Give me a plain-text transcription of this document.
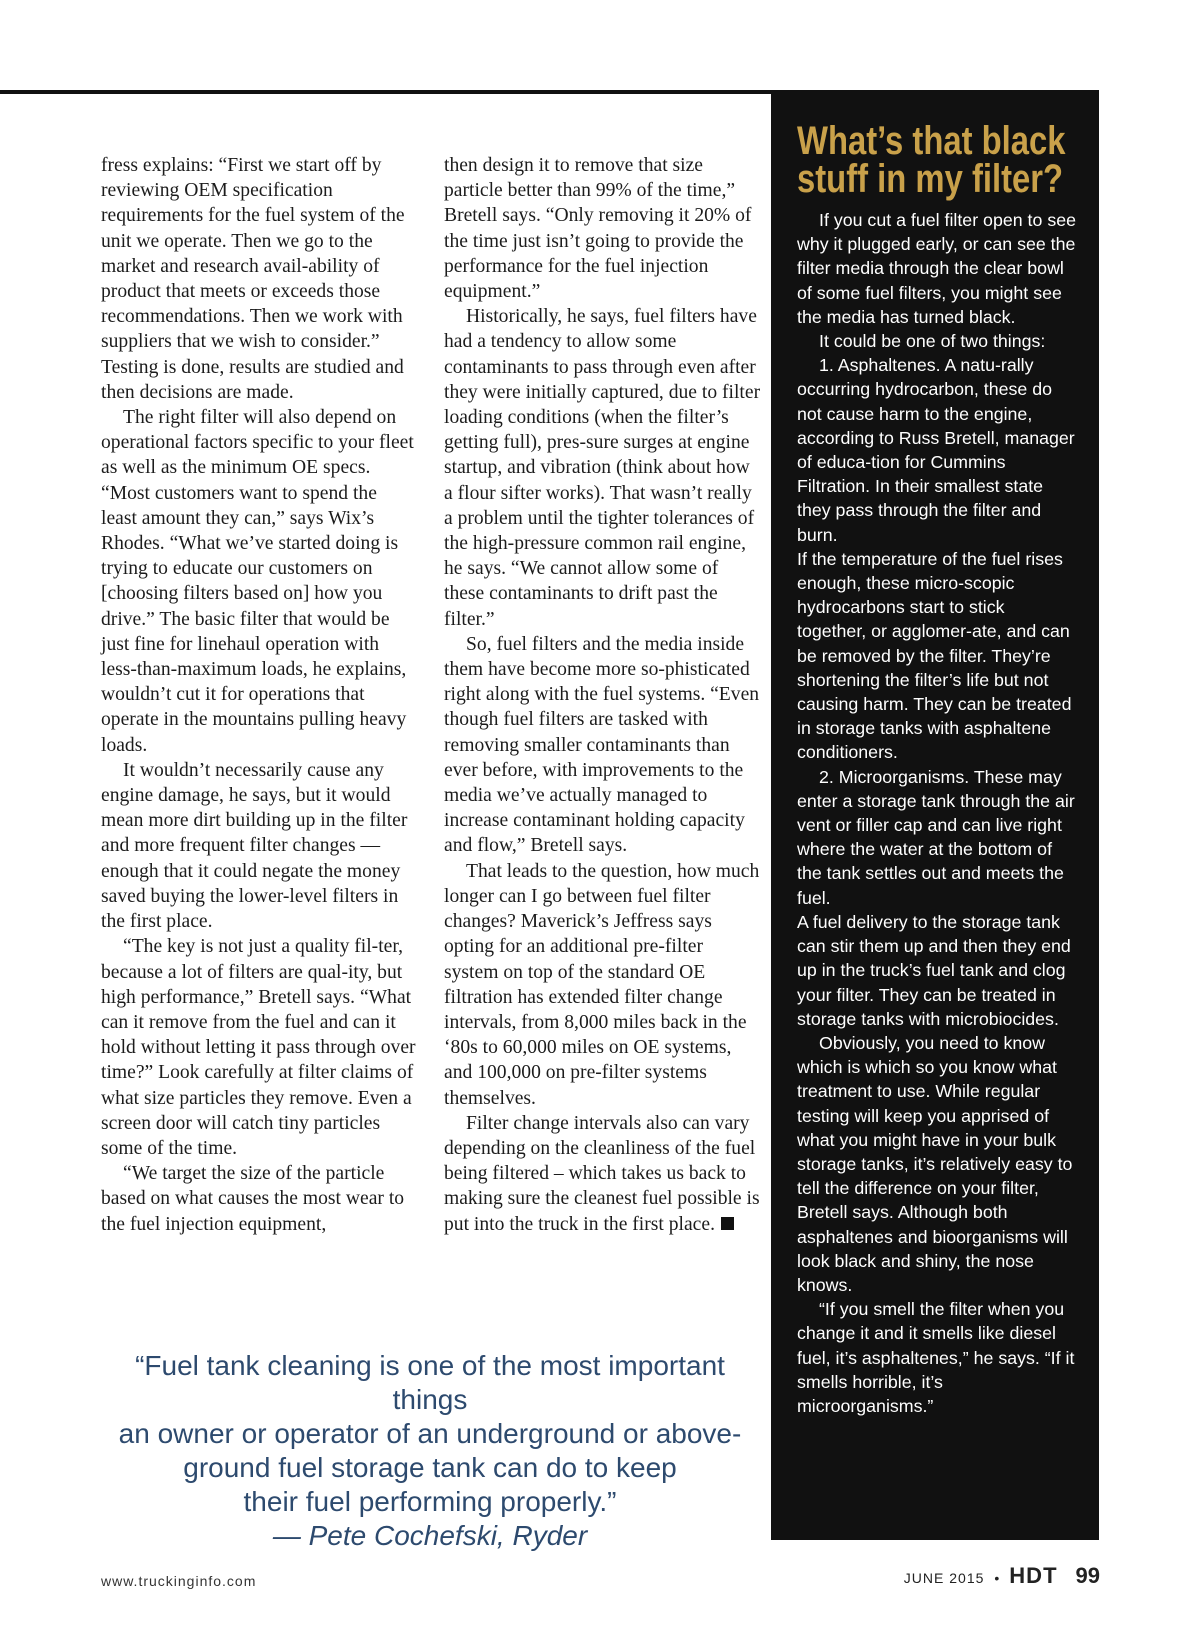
fress explains: “First we start off by reviewing OEM specification requirements for the fuel system of the unit we operate. Then we go to the market and research avail-ability of product that meets or exceeds those recommendations. Then we work with suppliers that we wish to consider.” Testing is done, results are studied and then decisions are made.

The right filter will also depend on operational factors specific to your fleet as well as the minimum OE specs. “Most customers want to spend the least amount they can,” says Wix’s Rhodes. “What we’ve started doing is trying to educate our customers on [choosing filters based on] how you drive.” The basic filter that would be just fine for linehaul operation with less-than-maximum loads, he explains, wouldn’t cut it for operations that operate in the mountains pulling heavy loads.

It wouldn’t necessarily cause any engine damage, he says, but it would mean more dirt building up in the filter and more frequent filter changes — enough that it could negate the money saved buying the lower-level filters in the first place.

“The key is not just a quality fil-ter, because a lot of filters are qual-ity, but high performance,” Bretell says. “What can it remove from the fuel and can it hold without letting it pass through over time?” Look carefully at filter claims of what size particles they remove. Even a screen door will catch tiny particles some of the time.

“We target the size of the particle based on what causes the most wear to the fuel injection equipment,

then design it to remove that size particle better than 99% of the time,” Bretell says. “Only removing it 20% of the time just isn’t going to provide the performance for the fuel injection equipment.”

Historically, he says, fuel filters have had a tendency to allow some contaminants to pass through even after they were initially captured, due to filter loading conditions (when the filter’s getting full), pres-sure surges at engine startup, and vibration (think about how a flour sifter works). That wasn’t really a problem until the tighter tolerances of the high-pressure common rail engine, he says. “We cannot allow some of these contaminants to drift past the filter.”

So, fuel filters and the media inside them have become more so-phisticated right along with the fuel systems. “Even though fuel filters are tasked with removing smaller contaminants than ever before, with improvements to the media we’ve actually managed to increase contaminant holding capacity and flow,” Bretell says.

That leads to the question, how much longer can I go between fuel filter changes? Maverick’s Jeffress says opting for an additional pre-filter system on top of the standard OE filtration has extended filter change intervals, from 8,000 miles back in the ‘80s to 60,000 miles on OE systems, and 100,000 on pre-filter systems themselves.

Filter change intervals also can vary depending on the cleanliness of the fuel being filtered – which takes us back to making sure the cleanest fuel possible is put into the truck in the first place.

What’s that black
stuff in my filter?

If you cut a fuel filter open to see why it plugged early, or can see the filter media through the clear bowl of some fuel filters, you might see the media has turned black.

It could be one of two things:

1. Asphaltenes. A natu-rally occurring hydrocarbon, these do not cause harm to the engine, according to Russ Bretell, manager of educa-tion for Cummins Filtration. In their smallest state they pass through the filter and burn.

If the temperature of the fuel rises enough, these micro-scopic hydrocarbons start to stick together, or agglomer-ate, and can be removed by the filter. They’re shortening the filter’s life but not causing harm. They can be treated in storage tanks with asphaltene conditioners.

2. Microorganisms. These may enter a storage tank through the air vent or filler cap and can live right where the water at the bottom of the tank settles out and meets the fuel.

A fuel delivery to the storage tank can stir them up and then they end up in the truck’s fuel tank and clog your filter. They can be treated in storage tanks with microbiocides.

Obviously, you need to know which is which so you know what treatment to use. While regular testing will keep you apprised of what you might have in your bulk storage tanks, it’s relatively easy to tell the difference on your filter, Bretell says. Although both asphaltenes and bioorganisms will look black and shiny, the nose knows.

“If you smell the filter when you change it and it smells like diesel fuel, it’s asphaltenes,” he says. “If it smells horrible, it’s microorganisms.”

“Fuel tank cleaning is one of the most important things
an owner or operator of an underground or above-
ground fuel storage tank can do to keep
their fuel performing properly.”
— Pete Cochefski, Ryder
www.truckinginfo.com	JUNE 2015 • HDT 99
